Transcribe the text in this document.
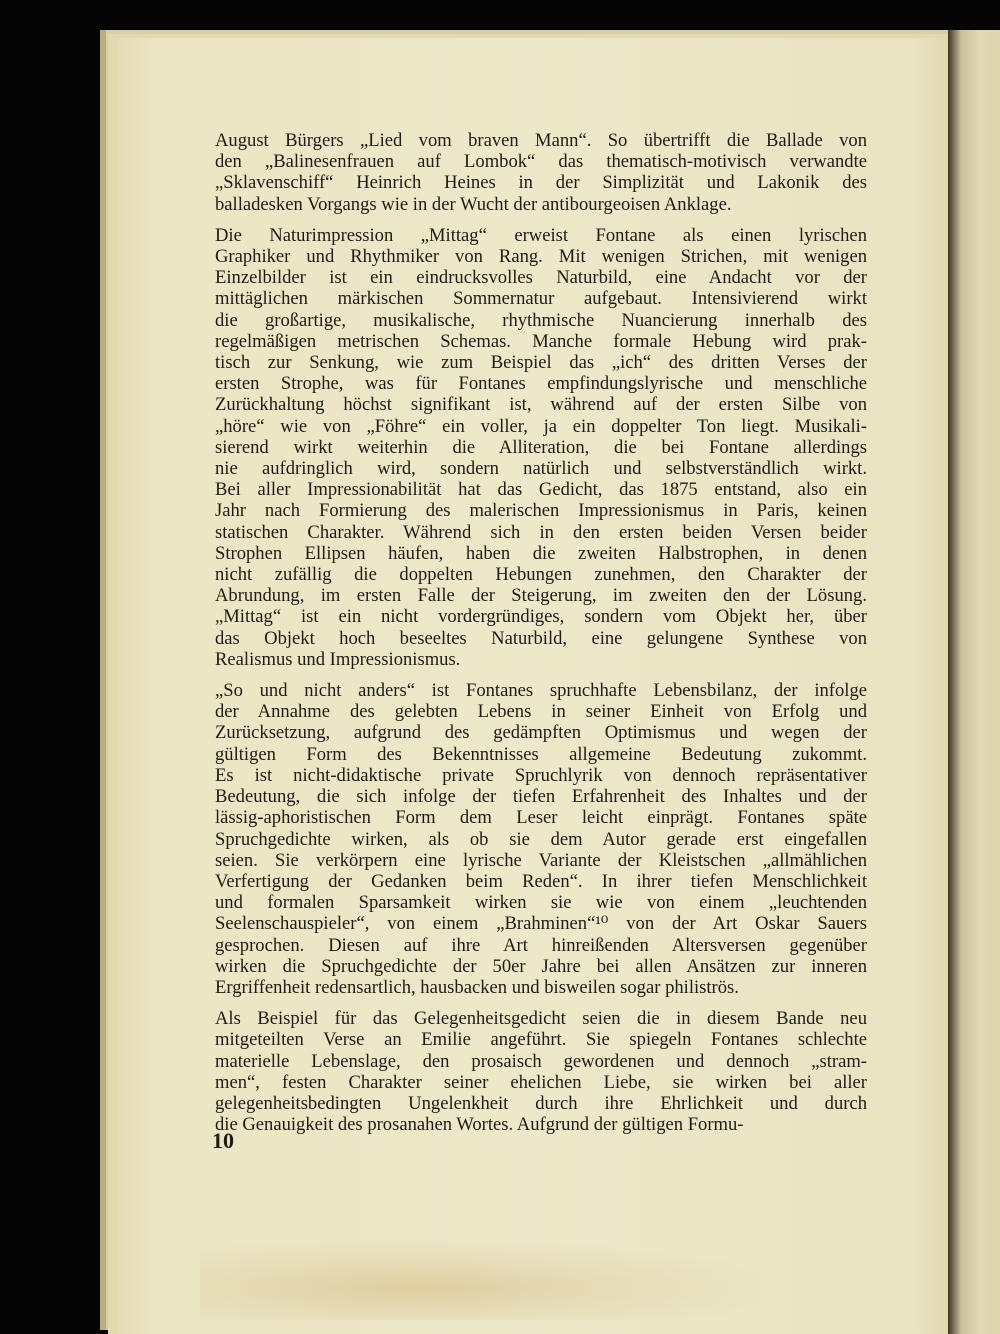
August Bürgers „Lied vom braven Mann“. So übertrifft die Ballade von
den „Balinesenfrauen auf Lombok“ das thematisch-motivisch verwandte
„Sklavenschiff“ Heinrich Heines in der Simplizität und Lakonik des
balladesken Vorgangs wie in der Wucht der antibourgeoisen Anklage.
Die Naturimpression „Mittag“ erweist Fontane als einen lyrischen
Graphiker und Rhythmiker von Rang. Mit wenigen Strichen, mit wenigen
Einzelbilder ist ein eindrucksvolles Naturbild, eine Andacht vor der
mittäglichen märkischen Sommernatur aufgebaut. Intensivierend wirkt
die großartige, musikalische, rhythmische Nuancierung innerhalb des
regelmäßigen metrischen Schemas. Manche formale Hebung wird prak-
tisch zur Senkung, wie zum Beispiel das „ich“ des dritten Verses der
ersten Strophe, was für Fontanes empfindungslyrische und menschliche
Zurückhaltung höchst signifikant ist, während auf der ersten Silbe von
„höre“ wie von „Föhre“ ein voller, ja ein doppelter Ton liegt. Musikali-
sierend wirkt weiterhin die Alliteration, die bei Fontane allerdings
nie aufdringlich wird, sondern natürlich und selbstverständlich wirkt.
Bei aller Impressionabilität hat das Gedicht, das 1875 entstand, also ein
Jahr nach Formierung des malerischen Impressionismus in Paris, keinen
statischen Charakter. Während sich in den ersten beiden Versen beider
Strophen Ellipsen häufen, haben die zweiten Halbstrophen, in denen
nicht zufällig die doppelten Hebungen zunehmen, den Charakter der
Abrundung, im ersten Falle der Steigerung, im zweiten den der Lösung.
„Mittag“ ist ein nicht vordergründiges, sondern vom Objekt her, über
das Objekt hoch beseeltes Naturbild, eine gelungene Synthese von
Realismus und Impressionismus.
„So und nicht anders“ ist Fontanes spruchhafte Lebensbilanz, der infolge
der Annahme des gelebten Lebens in seiner Einheit von Erfolg und
Zurücksetzung, aufgrund des gedämpften Optimismus und wegen der
gültigen Form des Bekenntnisses allgemeine Bedeutung zukommt.
Es ist nicht-didaktische private Spruchlyrik von dennoch repräsentativer
Bedeutung, die sich infolge der tiefen Erfahrenheit des Inhaltes und der
lässig-aphoristischen Form dem Leser leicht einprägt. Fontanes späte
Spruchgedichte wirken, als ob sie dem Autor gerade erst eingefallen
seien. Sie verkörpern eine lyrische Variante der Kleistschen „allmählichen
Verfertigung der Gedanken beim Reden“. In ihrer tiefen Menschlichkeit
und formalen Sparsamkeit wirken sie wie von einem „leuchtenden
Seelenschauspieler“, von einem „Brahminen“¹⁰ von der Art Oskar Sauers
gesprochen. Diesen auf ihre Art hinreißenden Altersversen gegenüber
wirken die Spruchgedichte der 50er Jahre bei allen Ansätzen zur inneren
Ergriffenheit redensartlich, hausbacken und bisweilen sogar philiströs.
Als Beispiel für das Gelegenheitsgedicht seien die in diesem Bande neu
mitgeteilten Verse an Emilie angeführt. Sie spiegeln Fontanes schlechte
materielle Lebenslage, den prosaisch gewordenen und dennoch „stram-
men“, festen Charakter seiner ehelichen Liebe, sie wirken bei aller
gelegenheitsbedingten Ungelenkheit durch ihre Ehrlichkeit und durch
die Genauigkeit des prosanahen Wortes. Aufgrund der gültigen Formu-
10
